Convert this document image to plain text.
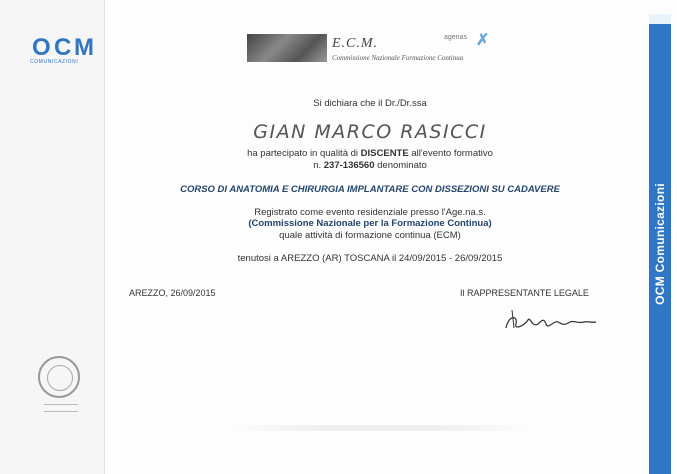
O C M
COMUNICAZIONI
E.C.M.
Commissione Nazionale Formazione Continua
agenas ✗
Si dichiara che il Dr./Dr.ssa
GIAN MARCO RASICCI
ha partecipato in qualità di DISCENTE all'evento formativo
n. 237-136560 denominato
CORSO DI ANATOMIA E CHIRURGIA IMPLANTARE CON DISSEZIONI SU CADAVERE
Registrato come evento residenziale presso l'Age.na.s.
(Commissione Nazionale per la Formazione Continua)
quale attività di formazione continua (ECM)
tenutosi a AREZZO (AR) TOSCANA il 24/09/2015 - 26/09/2015
AREZZO, 26/09/2015	Il RAPPRESENTANTE LEGALE	OCM Comunicazioni
